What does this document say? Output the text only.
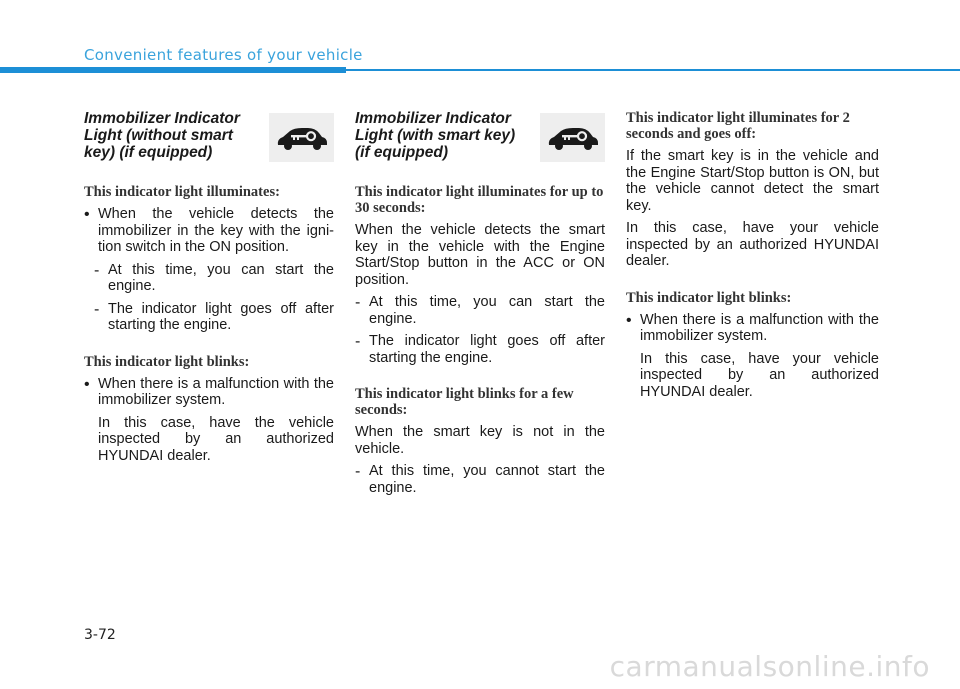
Convenient features of your vehicle
Immobilizer Indicator Light (without smart key) (if equipped)
This indicator light illuminates:
• When the vehicle detects the immobilizer in the key with the igni-tion switch in the ON position.

- At this time, you can start the engine.

- The indicator light goes off after starting the engine.

This indicator light blinks:
• When there is a malfunction with the immobilizer system.

In this case, have the vehicle inspected by an authorized HYUNDAI dealer.

Immobilizer Indicator Light (with smart key) (if equipped)
This indicator light illuminates for up to 30 seconds:

When the vehicle detects the smart key in the vehicle with the Engine Start/Stop button in the ACC or ON position.

- At this time, you can start the engine.

- The indicator light goes off after starting the engine.

This indicator light blinks for a few seconds:

When the smart key is not in the vehicle.

- At this time, you cannot start the engine.

This indicator light illuminates for 2 seconds and goes off:

If the smart key is in the vehicle and the Engine Start/Stop button is ON, but the vehicle cannot detect the smart key.

In this case, have your vehicle inspected by an authorized HYUNDAI dealer.

This indicator light blinks:
• When there is a malfunction with the immobilizer system.

In this case, have your vehicle inspected by an authorized HYUNDAI dealer.

3-72
carmanualsonline.info
